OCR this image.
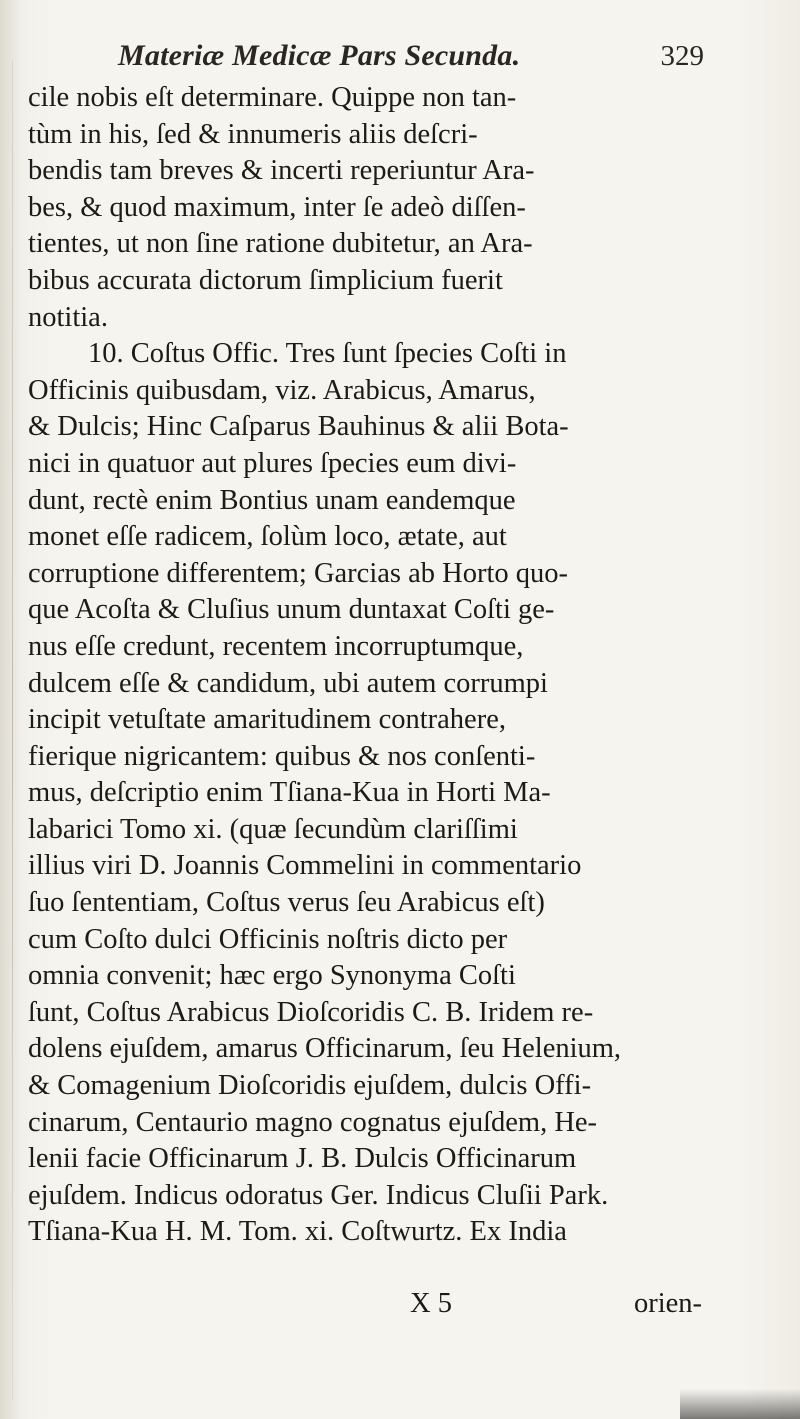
Materiæ Medicæ Pars Secunda.	329
cile nobis eſt determinare. Quippe non tan-
tùm in his, ſed & innumeris aliis deſcri-
bendis tam breves & incerti reperiuntur Ara-
bes, & quod maximum, inter ſe adeò diſſen-
tientes, ut non ſine ratione dubitetur, an Ara-
bibus accurata dictorum ſimplicium fuerit
notitia.
10. Coſtus Offic. Tres ſunt ſpecies Coſti in
Officinis quibusdam, viz. Arabicus, Amarus,
& Dulcis; Hinc Caſparus Bauhinus & alii Bota-
nici in quatuor aut plures ſpecies eum divi-
dunt, rectè enim Bontius unam eandemque
monet eſſe radicem, ſolùm loco, ætate, aut
corruptione differentem; Garcias ab Horto quo-
que Acoſta & Cluſius unum duntaxat Coſti ge-
nus eſſe credunt, recentem incorruptumque,
dulcem eſſe & candidum, ubi autem corrumpi
incipit vetuſtate amaritudinem contrahere,
fierique nigricantem: quibus & nos conſenti-
mus, deſcriptio enim Tſiana-Kua in Horti Ma-
labarici Tomo xi. (quæ ſecundùm clariſſimi
illius viri D. Joannis Commelini in commentario
ſuo ſententiam, Coſtus verus ſeu Arabicus eſt)
cum Coſto dulci Officinis noſtris dicto per
omnia convenit; hæc ergo Synonyma Coſti
ſunt, Coſtus Arabicus Dioſcoridis C. B. Iridem re-
dolens ejuſdem, amarus Officinarum, ſeu Helenium,
& Comagenium Dioſcoridis ejuſdem, dulcis Offi-
cinarum, Centaurio magno cognatus ejuſdem, He-
lenii facie Officinarum J. B. Dulcis Officinarum
ejuſdem. Indicus odoratus Ger. Indicus Cluſii Park.
Tſiana-Kua H. M. Tom. xi. Coſtwurtz. Ex India
X 5	orien-
